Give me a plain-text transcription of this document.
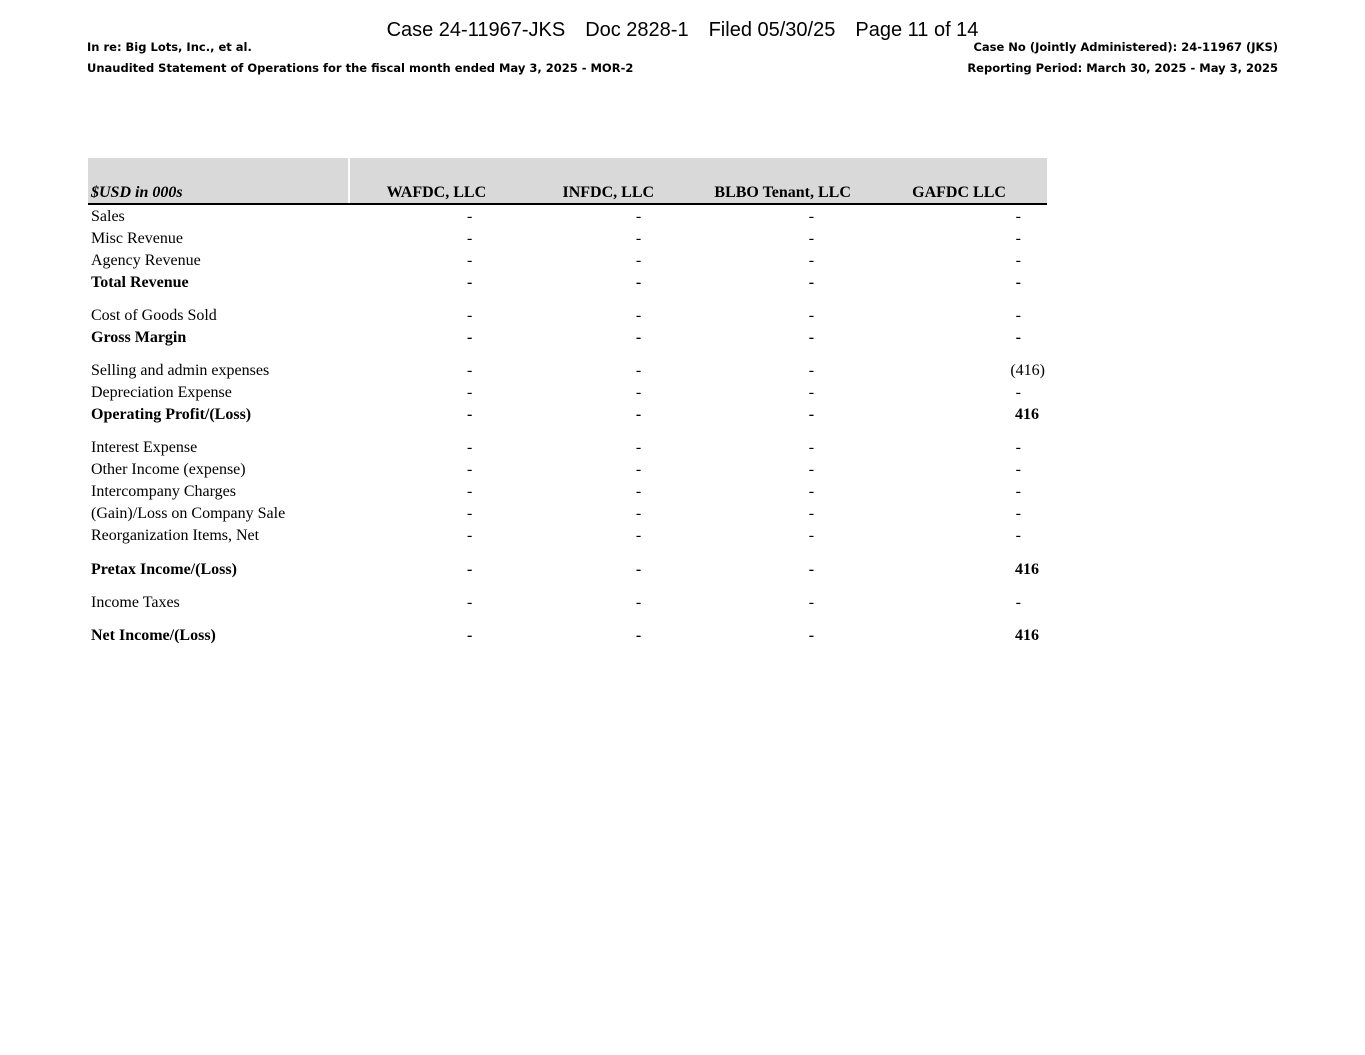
Case 24-11967-JKS Doc 2828-1 Filed 05/30/25 Page 11 of 14
In re: Big Lots, Inc., et al.
Unaudited Statement of Operations for the fiscal month ended May 3, 2025 - MOR-2
Case No (Jointly Administered): 24-11967 (JKS)
Reporting Period: March 30, 2025 - May 3, 2025
$USD in 000s	WAFDC, LLC	INFDC, LLC	BLBO Tenant, LLC	GAFDC LLC
Sales	-	-	-	-
Misc Revenue	-	-	-	-
Agency Revenue	-	-	-	-
Total Revenue	-	-	-	-
Cost of Goods Sold	-	-	-	-
Gross Margin	-	-	-	-
Selling and admin expenses	-	-	-	(416)
Depreciation Expense	-	-	-	-
Operating Profit/(Loss)	-	-	-	416
Interest Expense	-	-	-	-
Other Income (expense)	-	-	-	-
Intercompany Charges	-	-	-	-
(Gain)/Loss on Company Sale	-	-	-	-
Reorganization Items, Net	-	-	-	-
Pretax Income/(Loss)	-	-	-	416
Income Taxes	-	-	-	-
Net Income/(Loss)	-	-	-	416
